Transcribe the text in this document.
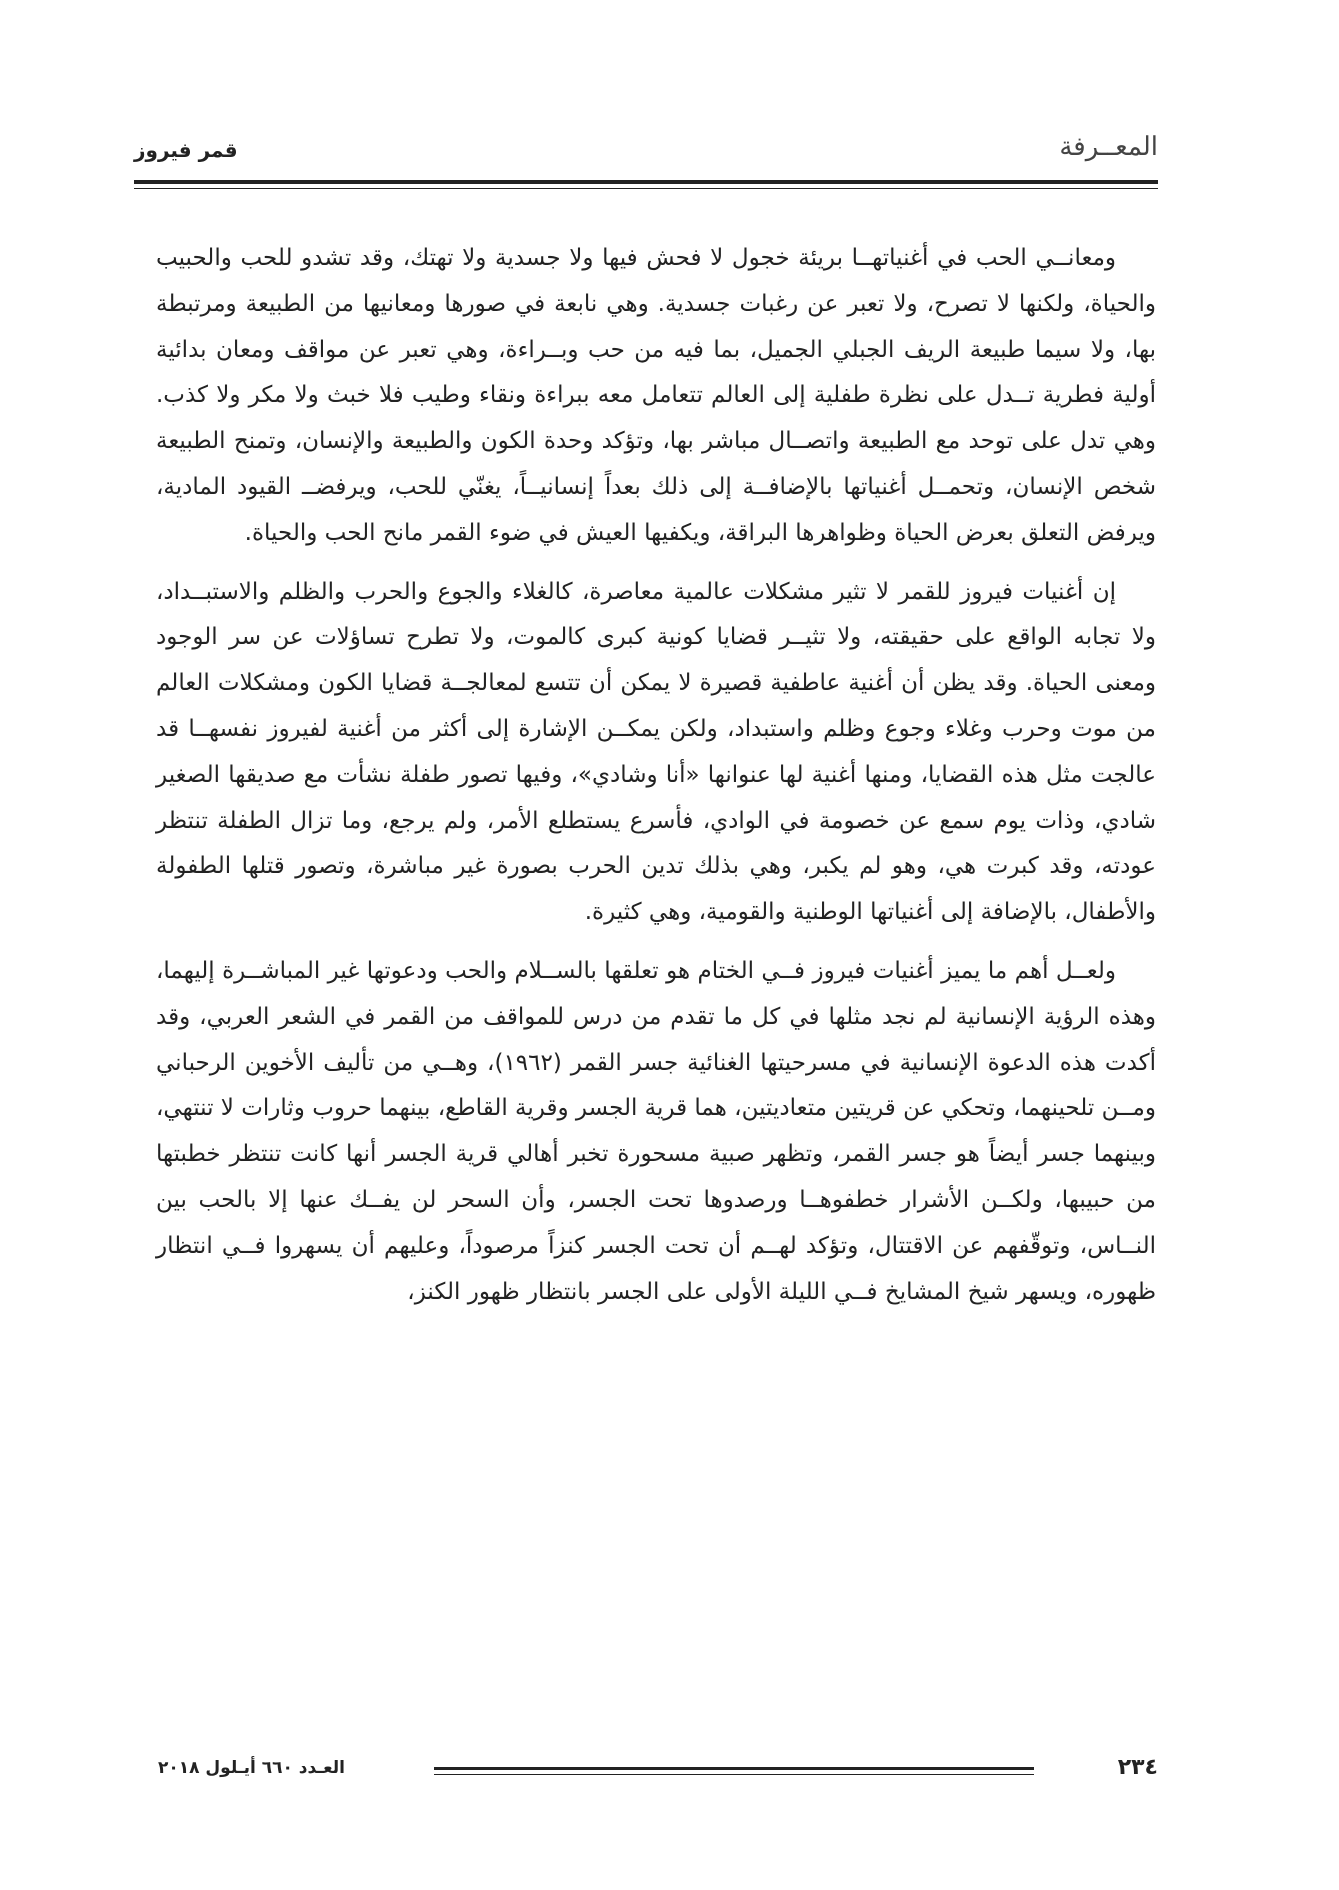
المعــرفة
قمر فيروز

ومعانــي الحب في أغنياتهــا بريئة خجول لا فحش فيها ولا جسدية ولا تهتك، وقد تشدو للحب والحبيب والحياة، ولكنها لا تصرح، ولا تعبر عن رغبات جسدية. وهي نابعة في صورها ومعانيها من الطبيعة ومرتبطة بها، ولا سيما طبيعة الريف الجبلي الجميل، بما فيه من حب وبــراءة، وهي تعبر عن مواقف ومعان بدائية أولية فطرية تــدل على نظرة طفلية إلى العالم تتعامل معه ببراءة ونقاء وطيب فلا خبث ولا مكر ولا كذب. وهي تدل على توحد مع الطبيعة واتصــال مباشر بها، وتؤكد وحدة الكون والطبيعة والإنسان، وتمنح الطبيعة شخص الإنسان، وتحمــل أغنياتها بالإضافــة إلى ذلك بعداً إنسانيــاً، يغنّي للحب، ويرفضــ القيود المادية، ويرفض التعلق بعرض الحياة وظواهرها البراقة، ويكفيها العيش في ضوء القمر مانح الحب والحياة.

إن أغنيات فيروز للقمر لا تثير مشكلات عالمية معاصرة، كالغلاء والجوع والحرب والظلم والاستبــداد، ولا تجابه الواقع على حقيقته، ولا تثيــر قضايا كونية كبرى كالموت، ولا تطرح تساؤلات عن سر الوجود ومعنى الحياة. وقد يظن أن أغنية عاطفية قصيرة لا يمكن أن تتسع لمعالجــة قضايا الكون ومشكلات العالم من موت وحرب وغلاء وجوع وظلم واستبداد، ولكن يمكــن الإشارة إلى أكثر من أغنية لفيروز نفسهــا قد عالجت مثل هذه القضايا، ومنها أغنية لها عنوانها «أنا وشادي»، وفيها تصور طفلة نشأت مع صديقها الصغير شادي، وذات يوم سمع عن خصومة في الوادي، فأسرع يستطلع الأمر، ولم يرجع، وما تزال الطفلة تنتظر عودته، وقد كبرت هي، وهو لم يكبر، وهي بذلك تدين الحرب بصورة غير مباشرة، وتصور قتلها الطفولة والأطفال، بالإضافة إلى أغنياتها الوطنية والقومية، وهي كثيرة.

ولعــل أهم ما يميز أغنيات فيروز فــي الختام هو تعلقها بالســلام والحب ودعوتها غير المباشــرة إليهما، وهذه الرؤية الإنسانية لم نجد مثلها في كل ما تقدم من درس للمواقف من القمر في الشعر العربي، وقد أكدت هذه الدعوة الإنسانية في مسرحيتها الغنائية جسر القمر (١٩٦٢)، وهــي من تأليف الأخوين الرحباني ومــن تلحينهما، وتحكي عن قريتين متعاديتين، هما قرية الجسر وقرية القاطع، بينهما حروب وثارات لا تنتهي، وبينهما جسر أيضاً هو جسر القمر، وتظهر صبية مسحورة تخبر أهالي قرية الجسر أنها كانت تنتظر خطبتها من حبيبها، ولكــن الأشرار خطفوهــا ورصدوها تحت الجسر، وأن السحر لن يفــك عنها إلا بالحب بين النــاس، وتوقّفهم عن الاقتتال، وتؤكد لهــم أن تحت الجسر كنزاً مرصوداً، وعليهم أن يسهروا فــي انتظار ظهوره، ويسهر شيخ المشايخ فــي الليلة الأولى على الجسر بانتظار ظهور الكنز،

٢٣٤
العـدد ٦٦٠ أيـلول ٢٠١٨
